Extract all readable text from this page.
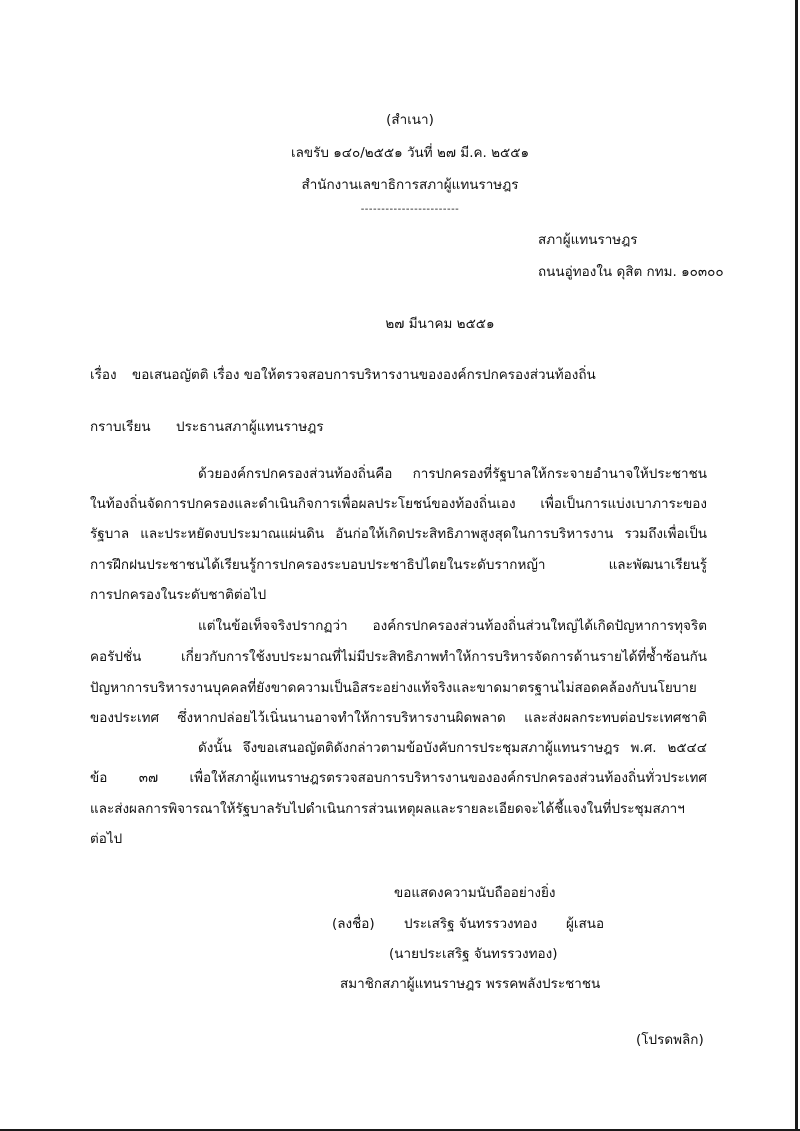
(สำเนา)
เลขรับ ๑๔๐/๒๕๕๑ วันที่ ๒๗ มี.ค. ๒๕๕๑
สำนักงานเลขาธิการสภาผู้แทนราษฎร
------------------------
สภาผู้แทนราษฎร
ถนนอู่ทองใน ดุสิต กทม. ๑๐๓๐๐
๒๗ มีนาคม ๒๕๕๑
เรื่อง ขอเสนอญัตติ เรื่อง ขอให้ตรวจสอบการบริหารงานขององค์กรปกครองส่วนท้องถิ่น
กราบเรียน ประธานสภาผู้แทนราษฎร
ด้วยองค์กรปกครองส่วนท้องถิ่นคือ การปกครองที่รัฐบาลให้กระจายอำนาจให้ประชาชน
ในท้องถิ่นจัดการปกครองและดำเนินกิจการเพื่อผลประโยชน์ของท้องถิ่นเอง เพื่อเป็นการแบ่งเบาภาระของ
รัฐบาล และประหยัดงบประมาณแผ่นดิน อันก่อให้เกิดประสิทธิภาพสูงสุดในการบริหารงาน รวมถึงเพื่อเป็น
การฝึกฝนประชาชนได้เรียนรู้การปกครองระบอบประชาธิปไตยในระดับรากหญ้า และพัฒนาเรียนรู้
การปกครองในระดับชาติต่อไป
แต่ในข้อเท็จจริงปรากฏว่า องค์กรปกครองส่วนท้องถิ่นส่วนใหญ่ได้เกิดปัญหาการทุจริต
คอรัปชั่น เกี่ยวกับการใช้งบประมาณที่ไม่มีประสิทธิภาพทำให้การบริหารจัดการด้านรายได้ที่ซ้ำซ้อนกัน
ปัญหาการบริหารงานบุคคลที่ยังขาดความเป็นอิสระอย่างแท้จริงและขาดมาตรฐานไม่สอดคล้องกับนโยบาย
ของประเทศ ซึ่งหากปล่อยไว้เนิ่นนานอาจทำให้การบริหารงานผิดพลาด และส่งผลกระทบต่อประเทศชาติ
ดังนั้น จึงขอเสนอญัตติดังกล่าวตามข้อบังคับการประชุมสภาผู้แทนราษฎร พ.ศ. ๒๕๔๔
ข้อ ๓๗ เพื่อให้สภาผู้แทนราษฎรตรวจสอบการบริหารงานขององค์กรปกครองส่วนท้องถิ่นทั่วประเทศ
และส่งผลการพิจารณาให้รัฐบาลรับไปดำเนินการส่วนเหตุผลและรายละเอียดจะได้ชี้แจงในที่ประชุมสภาฯ
ต่อไป
ขอแสดงความนับถืออย่างยิ่ง
(ลงชื่อ) ประเสริฐ จันทรรวงทอง ผู้เสนอ
(นายประเสริฐ จันทรรวงทอง)
สมาชิกสภาผู้แทนราษฎร พรรคพลังประชาชน
(โปรดพลิก)
